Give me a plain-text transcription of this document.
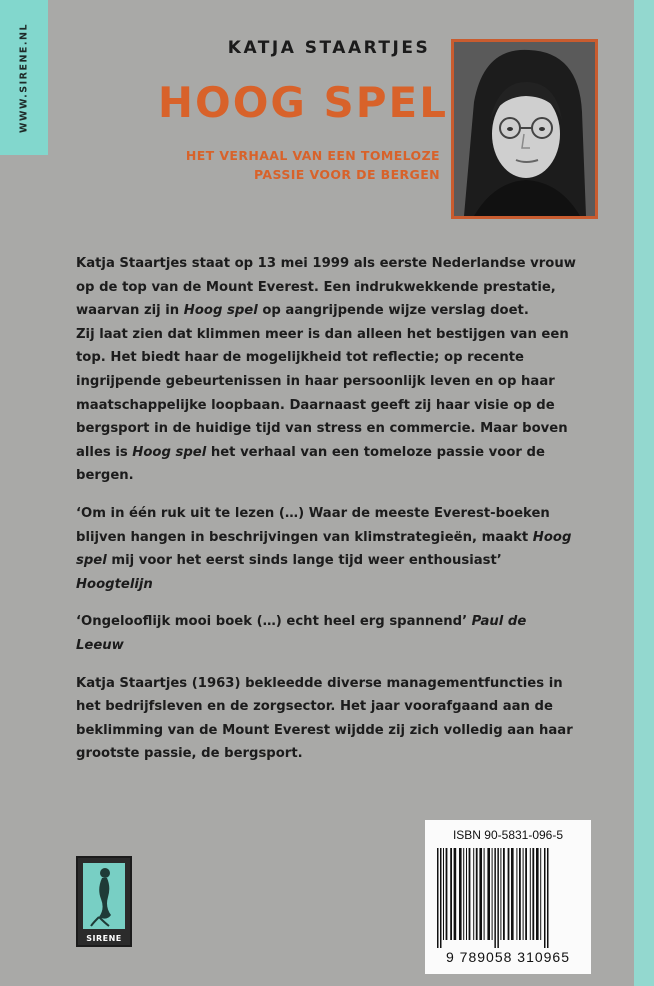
WWW.SIRENE.NL	KATJA STAARTJES
HOOG SPEL
HET VERHAAL VAN EEN TOMELOZE
PASSIE VOOR DE BERGEN

Katja Staartjes staat op 13 mei 1999 als eerste Nederlandse vrouw op de top van de Mount Everest. Een indrukwekkende prestatie, waarvan zij in Hoog spel op aangrijpende wijze verslag doet.

Zij laat zien dat klimmen meer is dan alleen het bestijgen van een top. Het biedt haar de mogelijkheid tot reflectie; op recente ingrijpende gebeurtenissen in haar persoonlijk leven en op haar maatschappelijke loopbaan. Daarnaast geeft zij haar visie op de bergsport in de huidige tijd van stress en commercie. Maar boven alles is Hoog spel het verhaal van een tomeloze passie voor de bergen.

‘Om in één ruk uit te lezen (…) Waar de meeste Everest-boeken blijven hangen in beschrijvingen van klimstrategieën, maakt Hoog spel mij voor het eerst sinds lange tijd weer enthousiast’ Hoogtelijn

‘Ongelooflijk mooi boek (…) echt heel erg spannend’ Paul de Leeuw

Katja Staartjes (1963) bekleedde diverse managementfuncties in het bedrijfsleven en de zorgsector. Het jaar voorafgaand aan de beklimming van de Mount Everest wijdde zij zich volledig aan haar grootste passie, de bergsport.

SIRENE
ISBN 90-5831-096-5
9 789058 310965
